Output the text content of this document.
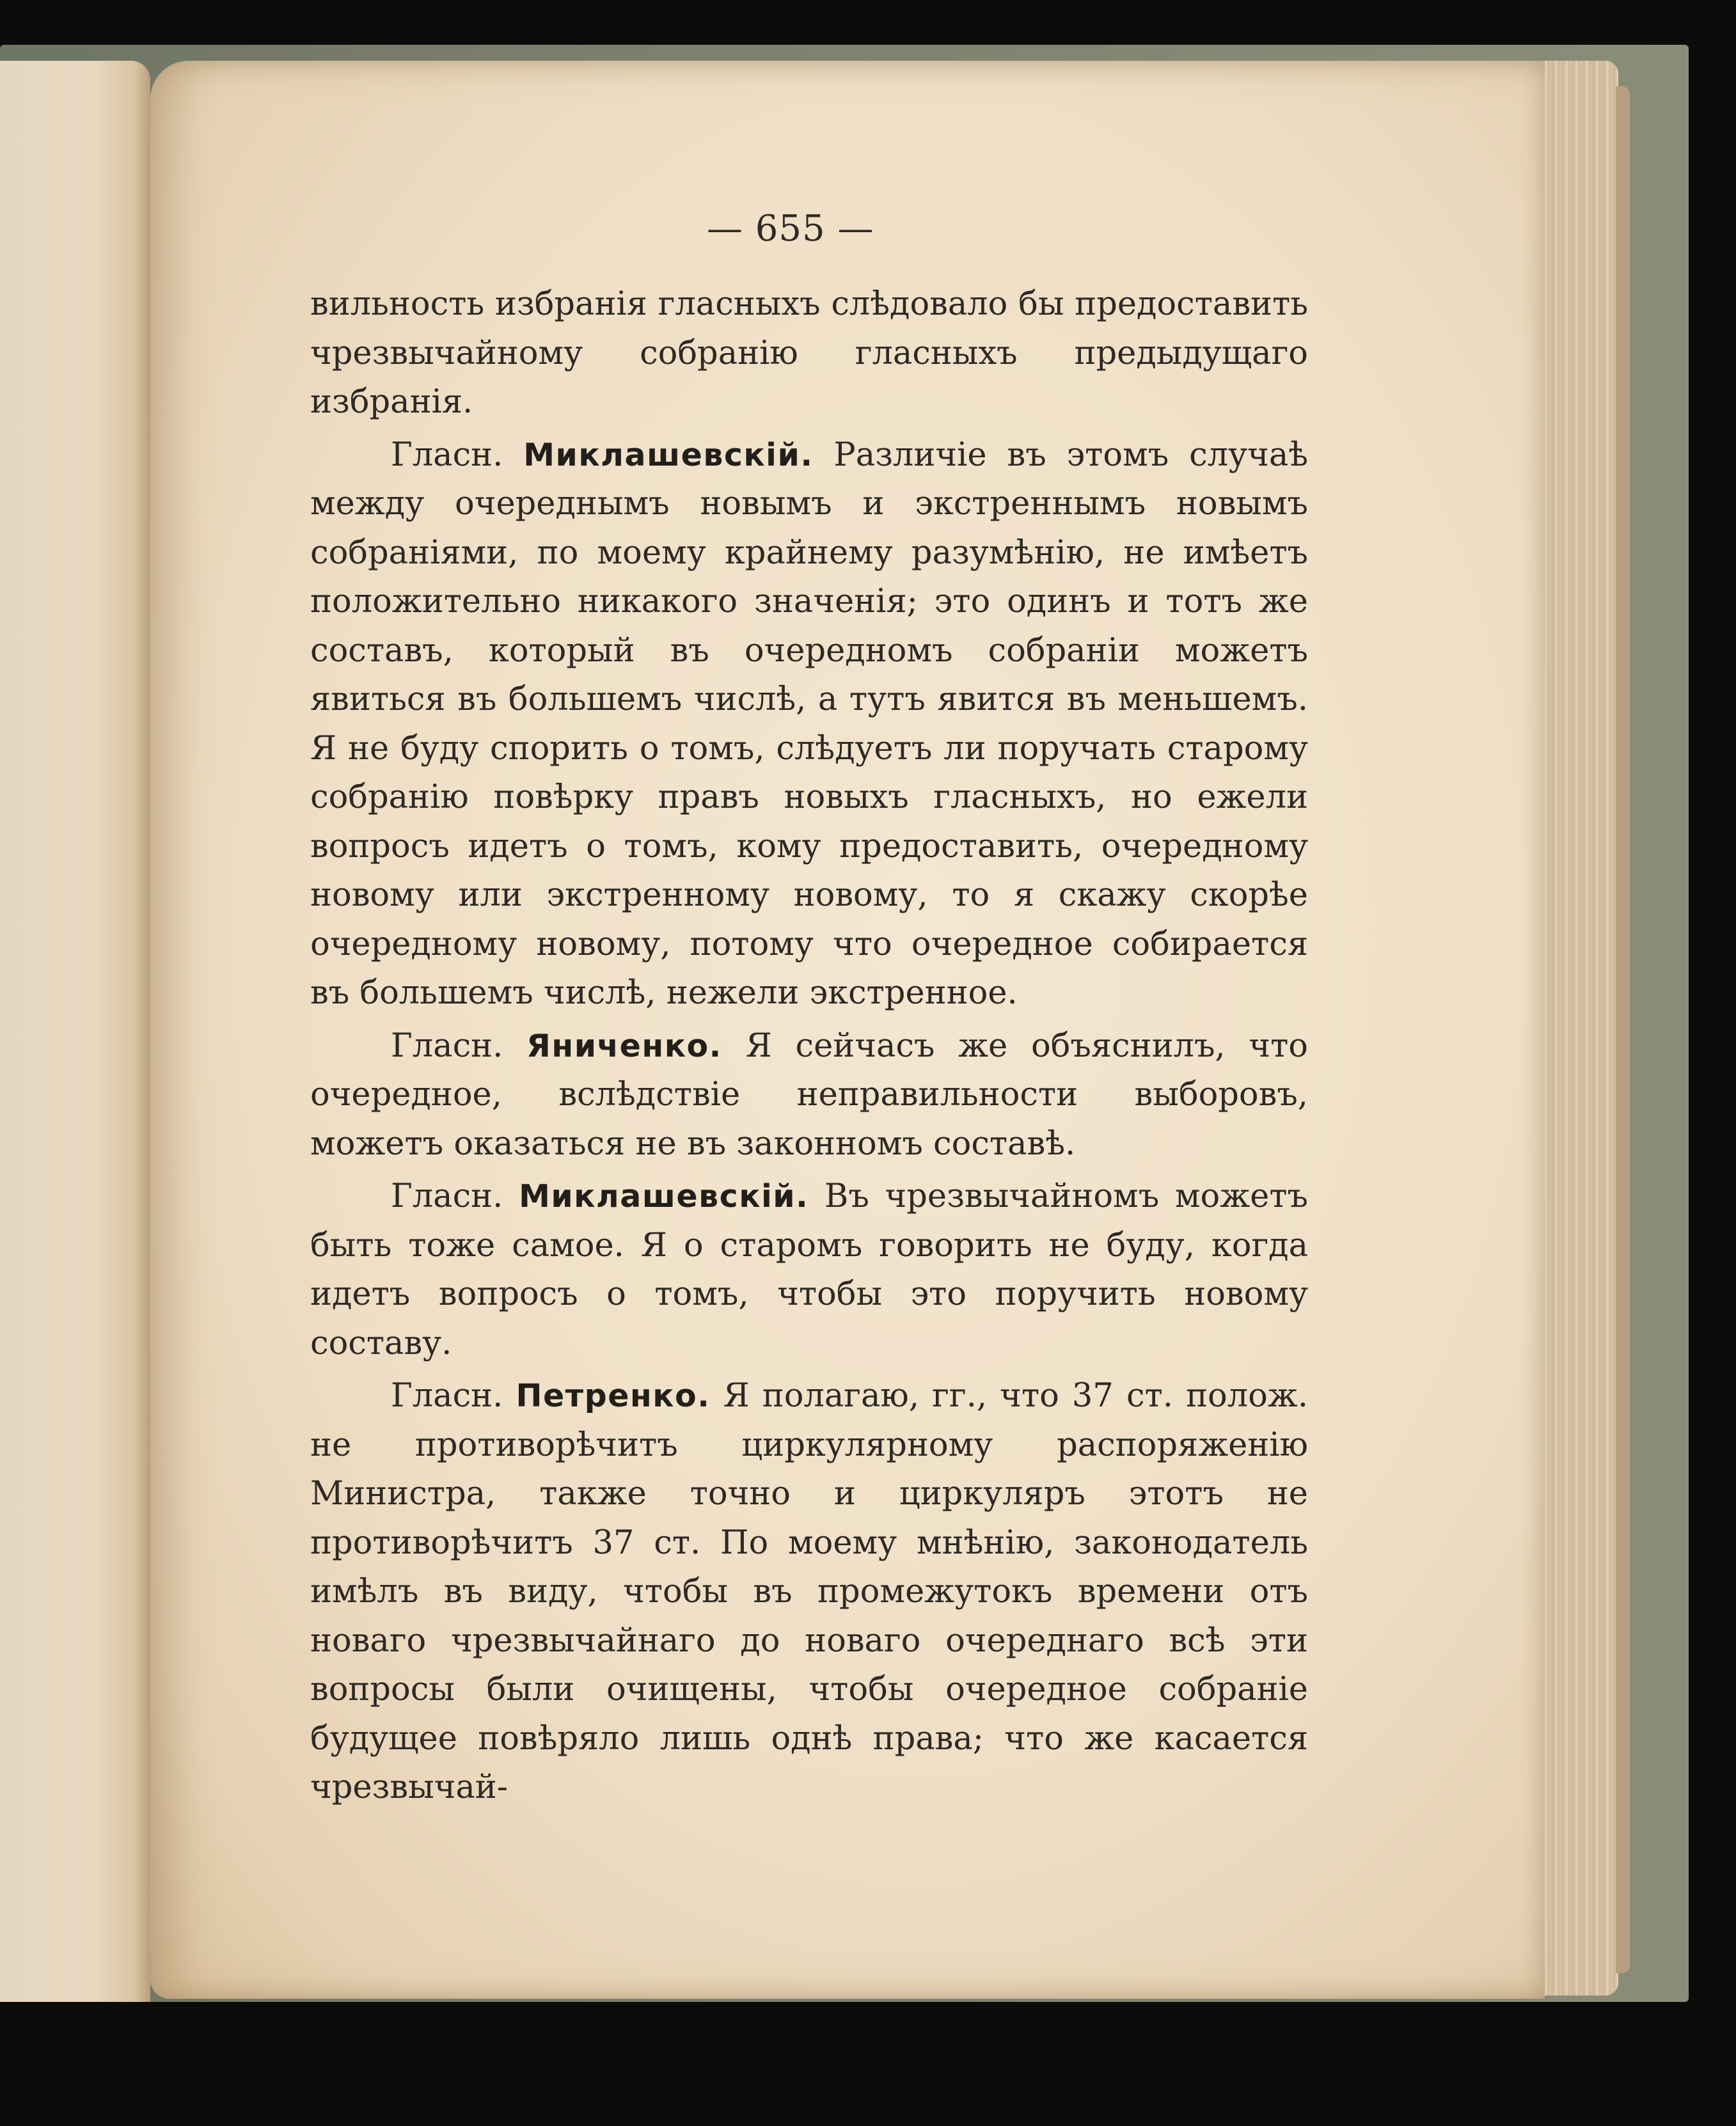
— 655 —

вильность избранія гласныхъ слѣдовало бы предоставить чрезвычайному собранію гласныхъ предыдущаго избранія.

Гласн. Миклашевскій. Различіе въ этомъ случаѣ между очереднымъ новымъ и экстреннымъ новымъ собраніями, по моему крайнему разумѣнію, не имѣетъ положительно никакого значенія; это одинъ и тотъ же составъ, который въ очередномъ собраніи можетъ явиться въ большемъ числѣ, а тутъ явится въ меньшемъ. Я не буду спорить о томъ, слѣдуетъ ли поручать старому собранію повѣрку правъ новыхъ гласныхъ, но ежели вопросъ идетъ о томъ, кому предоставить, очередному новому или экстренному новому, то я скажу скорѣе очередному новому, потому что очередное собирается въ большемъ числѣ, нежели экстренное.

Гласн. Яниченко. Я сейчасъ же объяснилъ, что очередное, вслѣдствіе неправильности выборовъ, можетъ оказаться не въ законномъ составѣ.

Гласн. Миклашевскій. Въ чрезвычайномъ можетъ быть тоже самое. Я о старомъ говорить не буду, когда идетъ вопросъ о томъ, чтобы это поручить новому составу.

Гласн. Петренко. Я полагаю, гг., что 37 ст. полож. не противорѣчитъ циркулярному распоряженію Министра, также точно и циркуляръ этотъ не противорѣчитъ 37 ст. По моему мнѣнію, законодатель имѣлъ въ виду, чтобы въ промежутокъ времени отъ новаго чрезвычайнаго до новаго очереднаго всѣ эти вопросы были очищены, чтобы очередное собраніе будущее повѣряло лишь однѣ права; что же касается чрезвычай-
